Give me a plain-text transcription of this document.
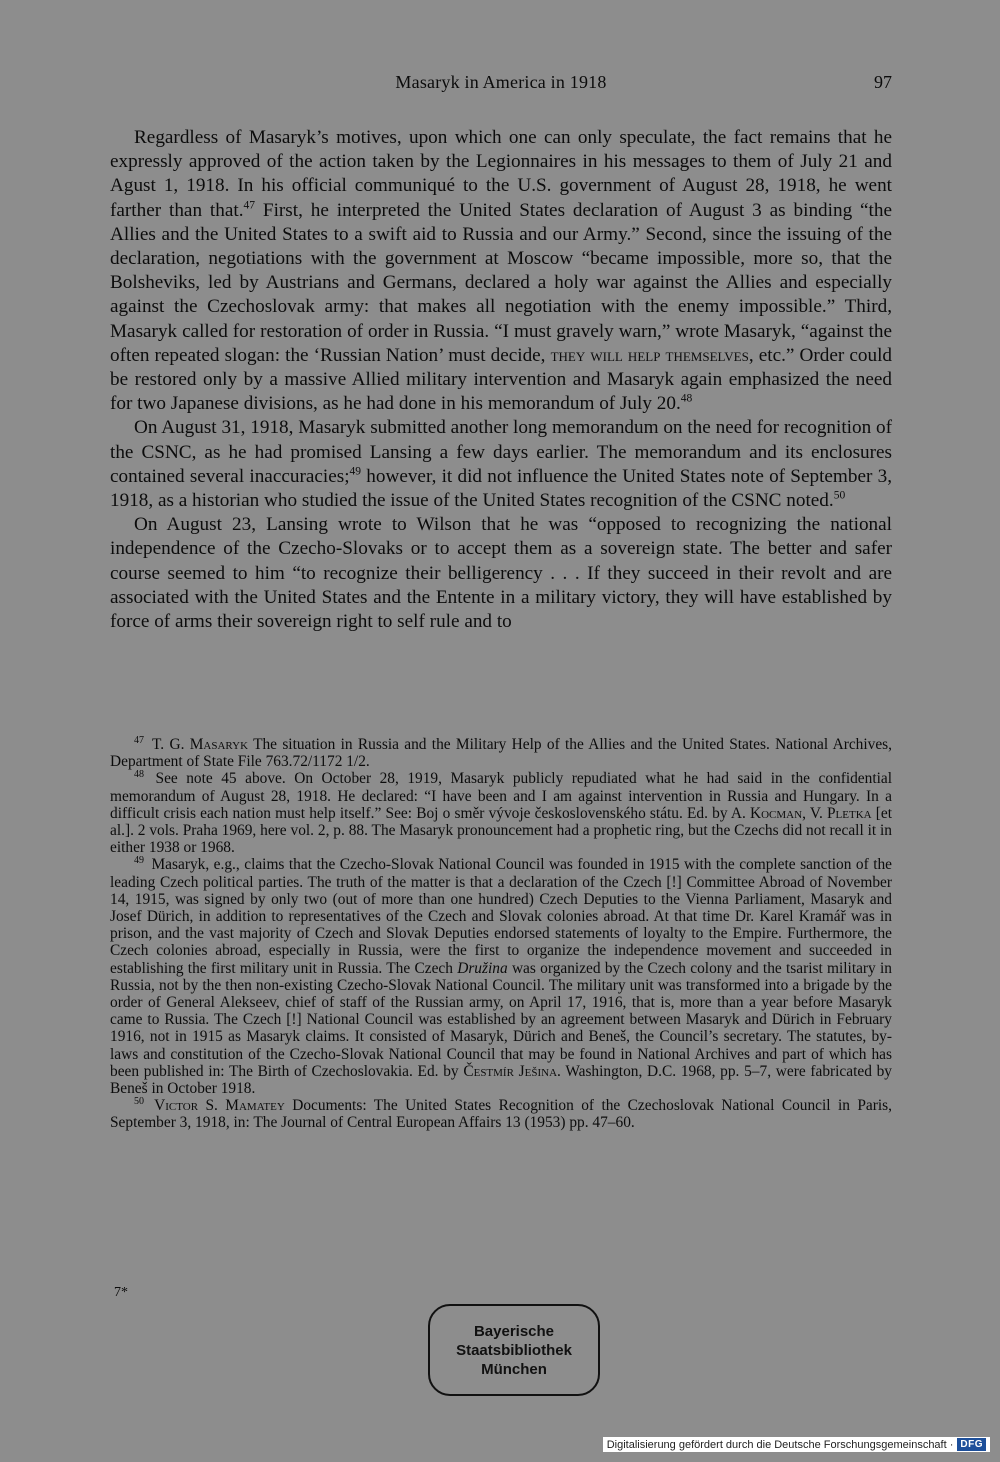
Masaryk in America in 1918	97

Regardless of Masaryk’s motives, upon which one can only speculate, the fact remains that he expressly approved of the action taken by the Legionnaires in his messages to them of July 21 and Agust 1, 1918. In his official communiqué to the U.S. government of August 28, 1918, he went farther than that.$^{47}$ First, he interpreted the United States declaration of August 3 as binding “the Allies and the United States to a swift aid to Russia and our Army.” Second, since the issuing of the declaration, negotiations with the government at Moscow “became impossible, more so, that the Bolsheviks, led by Austrians and Germans, declared a holy war against the Allies and especially against the Czechoslovak army: that makes all negotiation with the enemy impossible.” Third, Masaryk called for restoration of order in Russia. “I must gravely warn,” wrote Masaryk, “against the often repeated slogan: the ‘Russian Nation’ must decide, they will help themselves, etc.” Order could be restored only by a massive Allied military intervention and Masaryk again emphasized the need for two Japanese divisions, as he had done in his memorandum of July 20.48

On August 31, 1918, Masaryk submitted another long memorandum on the need for recognition of the CSNC, as he had promised Lansing a few days earlier. The memorandum and its enclosures contained several inaccuracies;$^{49}$ however, it did not influence the United States note of September 3, 1918, as a historian who studied the issue of the United States recognition of the CSNC noted.$^{50}$

On August 23, Lansing wrote to Wilson that he was “opposed to recognizing the national independence of the Czecho-Slovaks or to accept them as a sovereign state. The better and safer course seemed to him “to recognize their belligerency . . . If they succeed in their revolt and are associated with the United States and the Entente in a military victory, they will have established by force of arms their sovereign right to self rule and to

$^{47}$ T. G. Masaryk The situation in Russia and the Military Help of the Allies and the United States. National Archives, Department of State File 763.72/1172 1/2.

$^{48}$ See note 45 above. On October 28, 1919, Masaryk publicly repudiated what he had said in the confidential memorandum of August 28, 1918. He declared: “I have been and I am against intervention in Russia and Hungary. In a difficult crisis each nation must help itself.” See: Boj o směr vývoje československého státu. Ed. by A. Kocman, V. Pletka [et al.]. 2 vols. Praha 1969, here vol. 2, p. 88. The Masaryk pronouncement had a prophetic ring, but the Czechs did not recall it in either 1938 or 1968.

$^{49}$ Masaryk, e.g., claims that the Czecho-Slovak National Council was founded in 1915 with the complete sanction of the leading Czech political parties. The truth of the matter is that a declaration of the Czech [!] Committee Abroad of November 14, 1915, was signed by only two (out of more than one hundred) Czech Deputies to the Vienna Parliament, Masaryk and Josef Dürich, in addition to representatives of the Czech and Slovak colonies abroad. At that time Dr. Karel Kramář was in prison, and the vast majority of Czech and Slovak Deputies endorsed statements of loyalty to the Empire. Furthermore, the Czech colonies abroad, especially in Russia, were the first to organize the independence movement and succeeded in establishing the first military unit in Russia. The Czech Družina was organized by the Czech colony and the tsarist military in Russia, not by the then non-existing Czecho-Slovak National Council. The military unit was transformed into a brigade by the order of General Alekseev, chief of staff of the Russian army, on April 17, 1916, that is, more than a year before Masaryk came to Russia. The Czech [!] National Council was established by an agreement between Masaryk and Dürich in February 1916, not in 1915 as Masaryk claims. It consisted of Masaryk, Dürich and Beneš, the Council’s secretary. The statutes, by-laws and constitution of the Czecho-Slovak National Council that may be found in National Archives and part of which has been published in: The Birth of Czechoslovakia. Ed. by Čestmír Ješina. Washington, D.C. 1968, pp. 5–7, were fabricated by Beneš in October 1918.

$^{50}$ Victor S. Mamatey Documents: The United States Recognition of the Czechoslovak National Council in Paris, September 3, 1918, in: The Journal of Central European Affairs 13 (1953) pp. 47–60.

7*
Bayerische
Staatsbibliothek
München
Digitalisierung gefördert durch die Deutsche Forschungsgemeinschaft · DFG
